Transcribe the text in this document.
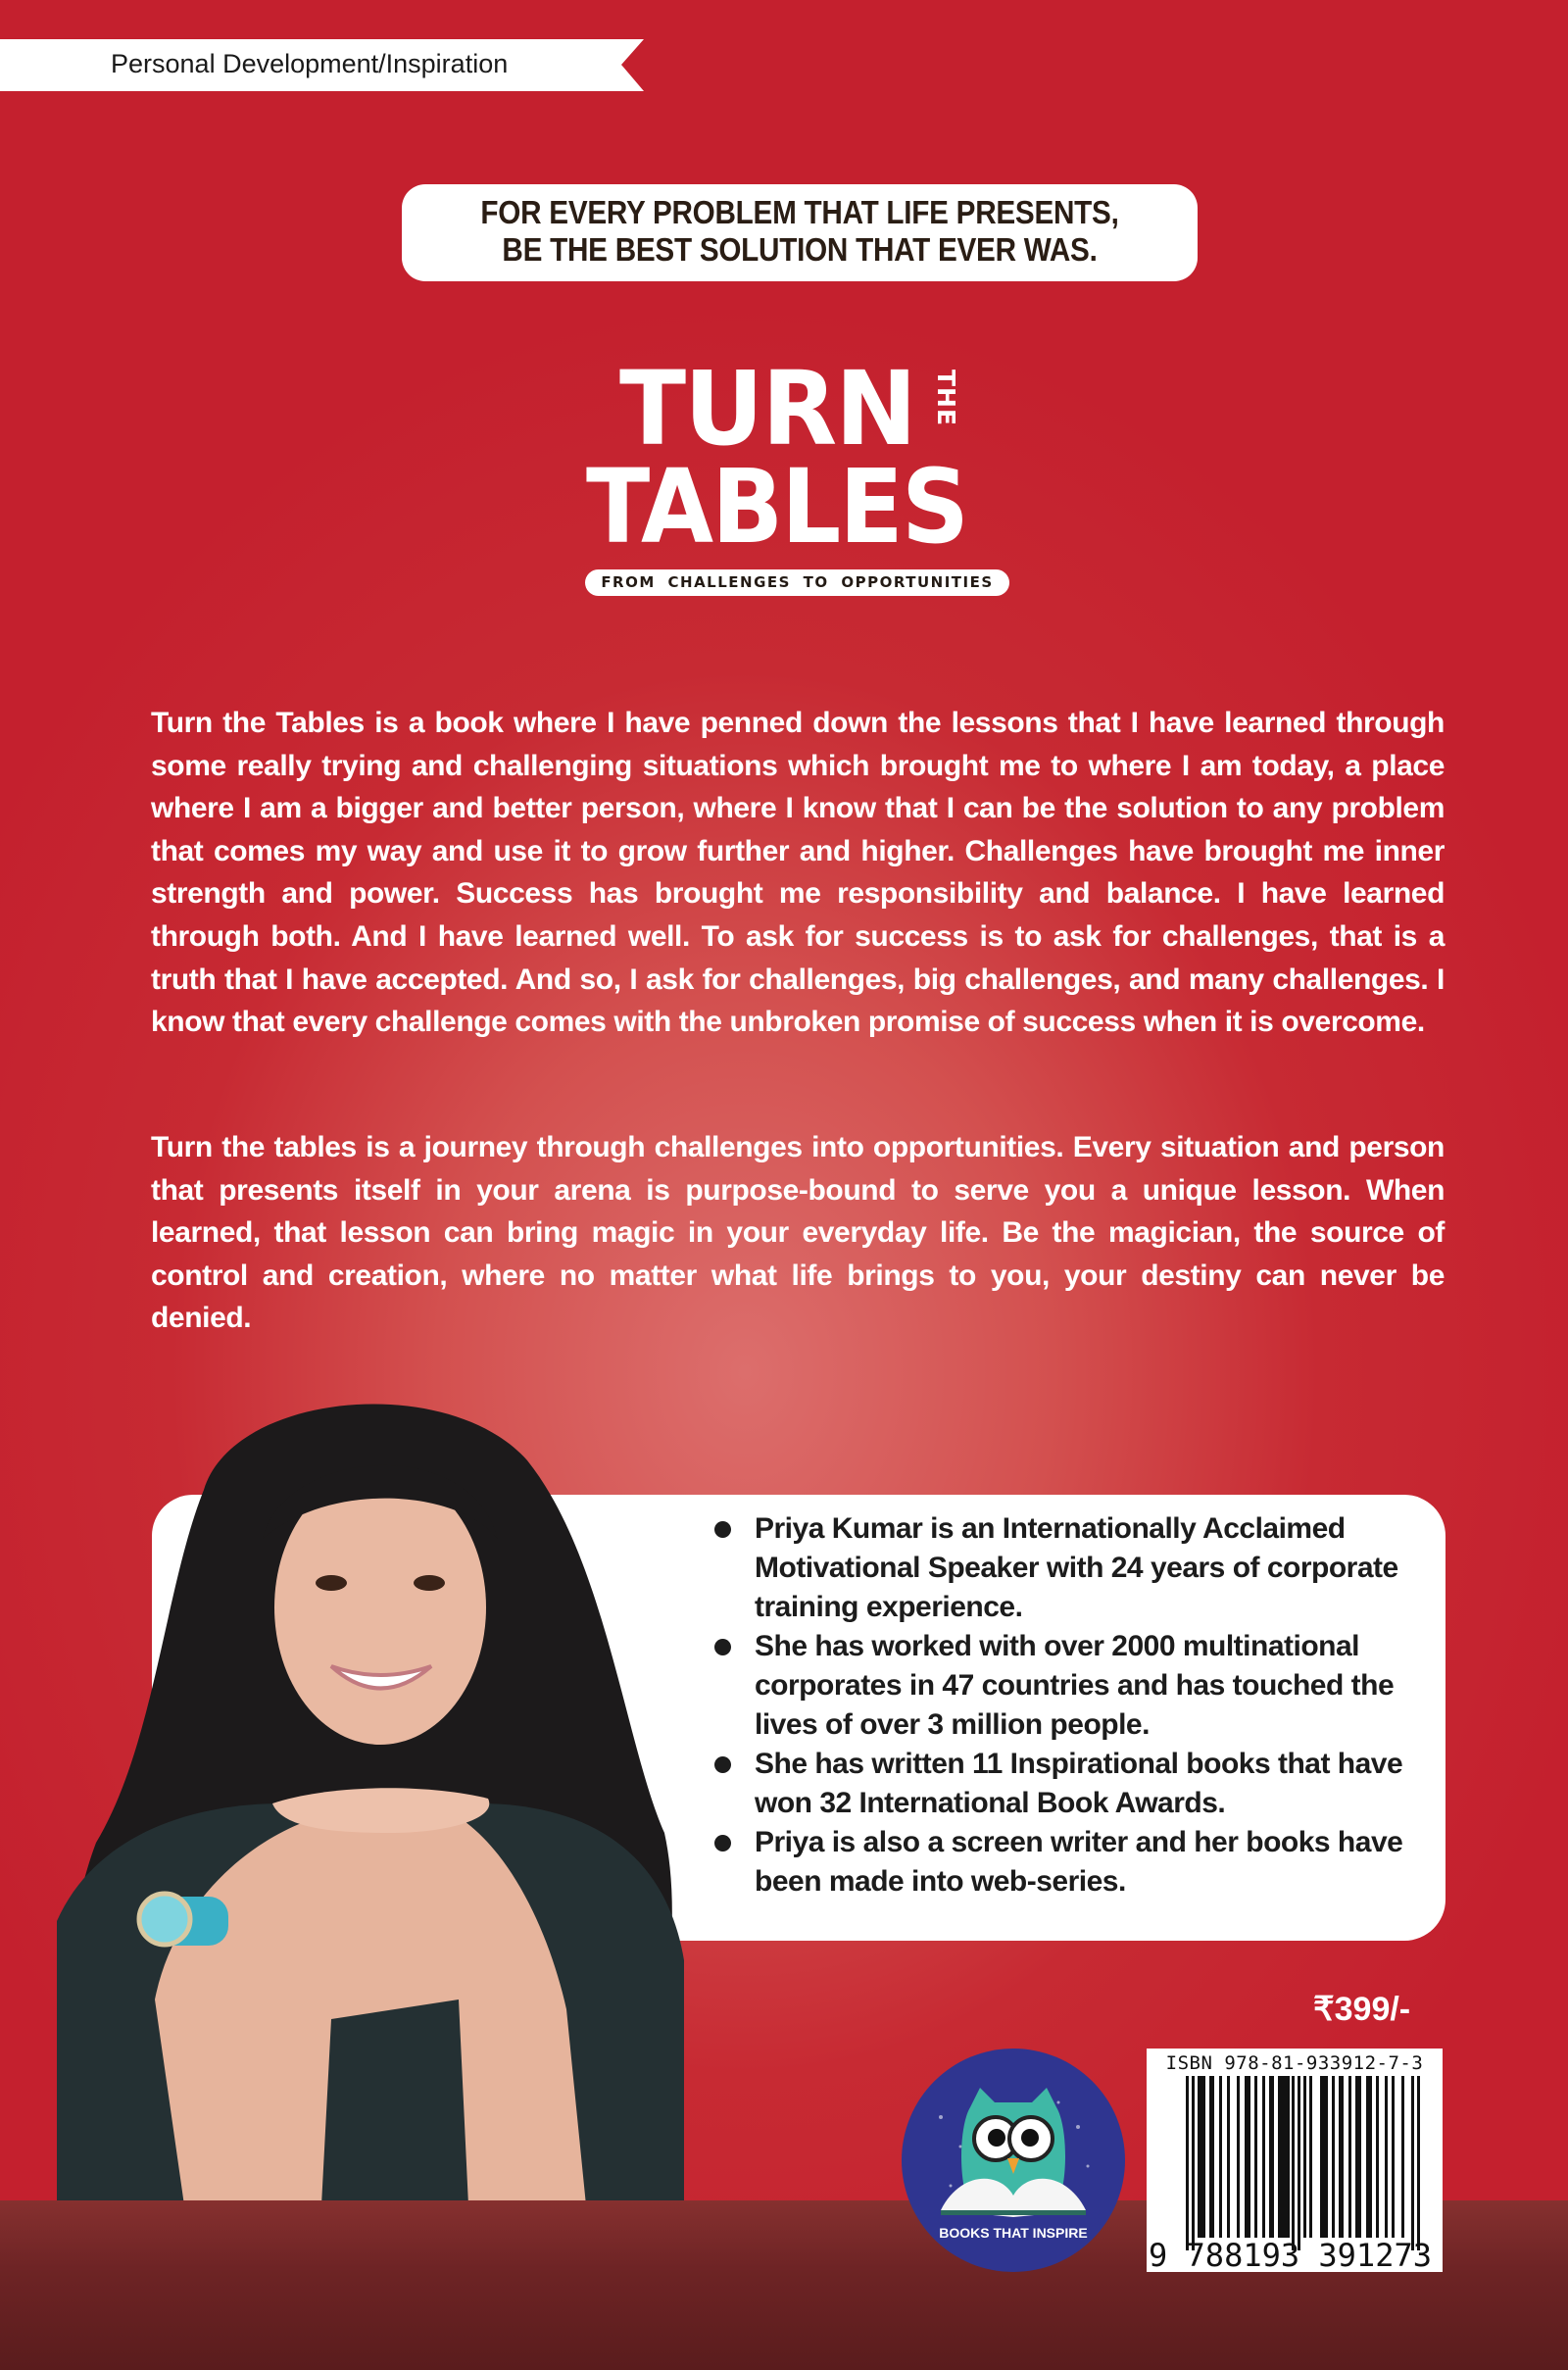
Personal Development/Inspiration
FOR EVERY PROBLEM THAT LIFE PRESENTS,
BE THE BEST SOLUTION THAT EVER WAS.
TURN THE
TABLES
FROM CHALLENGES TO OPPORTUNITIES

Turn the Tables is a book where I have penned down the lessons that I have learned through some really trying and challenging situations which brought me to where I am today, a place where I am a bigger and better person, where I know that I can be the solution to any problem that comes my way and use it to grow further and higher. Challenges have brought me inner strength and power. Success has brought me responsibility and balance. I have learned through both. And I have learned well. To ask for success is to ask for challenges, that is a truth that I have accepted. And so, I ask for challenges, big challenges, and many challenges. I know that every challenge comes with the unbroken promise of success when it is overcome.

Turn the tables is a journey through challenges into opportunities. Every situation and person that presents itself in your arena is purpose-bound to serve you a unique lesson. When learned, that lesson can bring magic in your everyday life. Be the magician, the source of control and creation, where no matter what life brings to you, your destiny can never be denied.

Priya Kumar is an Internationally Acclaimed Motivational Speaker with 24 years of corporate training experience.
She has worked with over 2000 multinational corporates in 47 countries and has touched the lives of over 3 million people.
She has written 11 Inspirational books that have won 32 International Book Awards.
Priya is also a screen writer and her books have been made into web-series.
₹399/-
BOOKS THAT INSPIRE
ISBN 978-81-933912-7-3
9 788193 391273
